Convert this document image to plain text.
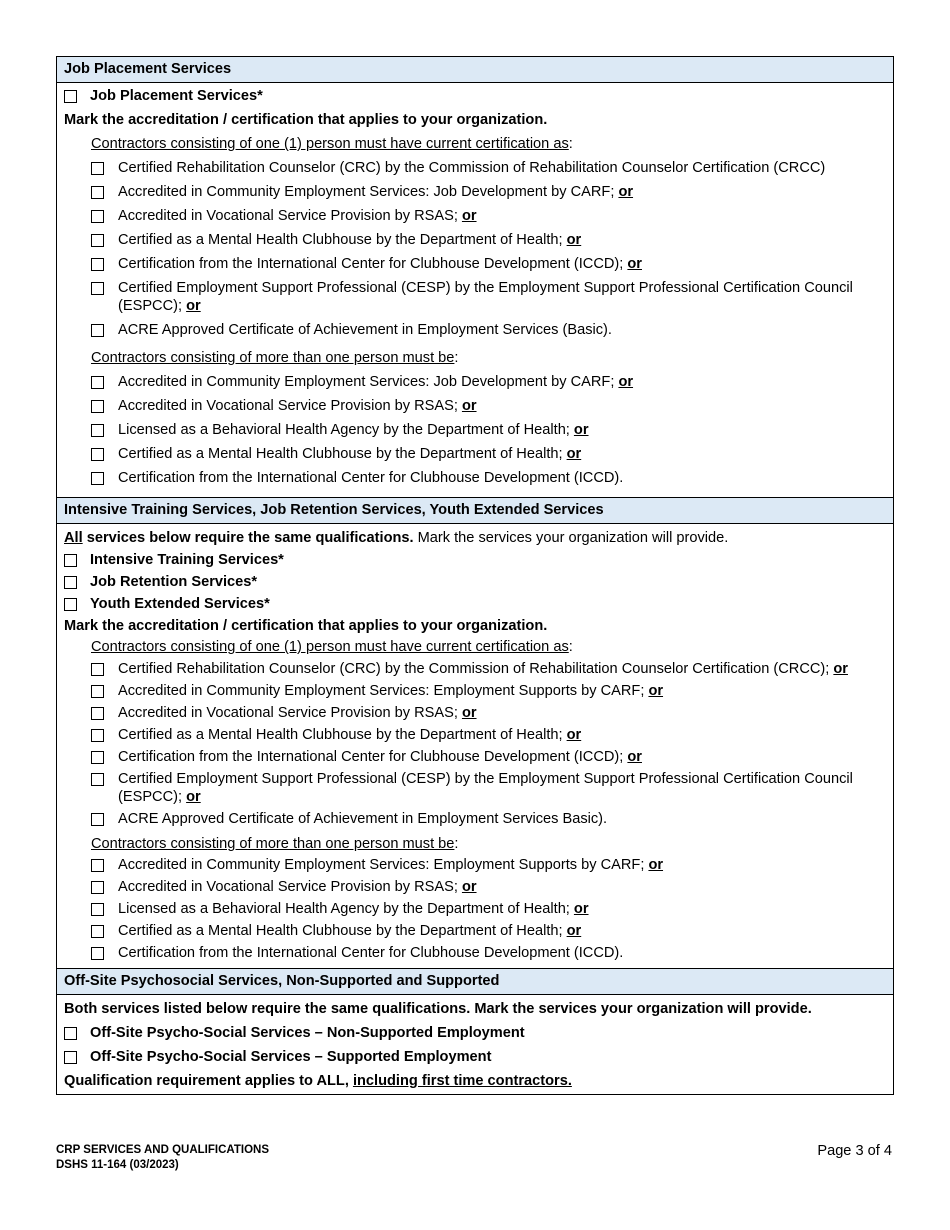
Job Placement Services
Job Placement Services*
Mark the accreditation / certification that applies to your organization.
Contractors consisting of one (1) person must have current certification as:
Certified Rehabilitation Counselor (CRC) by the Commission of Rehabilitation Counselor Certification (CRCC)
Accredited in Community Employment Services: Job Development by CARF; or
Accredited in Vocational Service Provision by RSAS; or
Certified as a Mental Health Clubhouse by the Department of Health; or
Certification from the International Center for Clubhouse Development (ICCD); or
Certified Employment Support Professional (CESP) by the Employment Support Professional Certification Council (ESPCC); or
ACRE Approved Certificate of Achievement in Employment Services (Basic).
Contractors consisting of more than one person must be:
Accredited in Community Employment Services: Job Development by CARF; or
Accredited in Vocational Service Provision by RSAS; or
Licensed as a Behavioral Health Agency by the Department of Health; or
Certified as a Mental Health Clubhouse by the Department of Health; or
Certification from the International Center for Clubhouse Development (ICCD).
Intensive Training Services, Job Retention Services, Youth Extended Services
All services below require the same qualifications. Mark the services your organization will provide.
Intensive Training Services*
Job Retention Services*
Youth Extended Services*
Mark the accreditation / certification that applies to your organization.
Contractors consisting of one (1) person must have current certification as:
Certified Rehabilitation Counselor (CRC) by the Commission of Rehabilitation Counselor Certification (CRCC); or
Accredited in Community Employment Services: Employment Supports by CARF; or
Accredited in Vocational Service Provision by RSAS; or
Certified as a Mental Health Clubhouse by the Department of Health; or
Certification from the International Center for Clubhouse Development (ICCD); or
Certified Employment Support Professional (CESP) by the Employment Support Professional Certification Council (ESPCC); or
ACRE Approved Certificate of Achievement in Employment Services Basic).
Contractors consisting of more than one person must be:
Accredited in Community Employment Services: Employment Supports by CARF; or
Accredited in Vocational Service Provision by RSAS; or
Licensed as a Behavioral Health Agency by the Department of Health; or
Certified as a Mental Health Clubhouse by the Department of Health; or
Certification from the International Center for Clubhouse Development (ICCD).
Off-Site Psychosocial Services, Non-Supported and Supported
Both services listed below require the same qualifications. Mark the services your organization will provide.
Off-Site Psycho-Social Services – Non-Supported Employment
Off-Site Psycho-Social Services – Supported Employment
Qualification requirement applies to ALL, including first time contractors.
CRP SERVICES AND QUALIFICATIONS
DSHS 11-164 (03/2023)
Page 3 of 4
